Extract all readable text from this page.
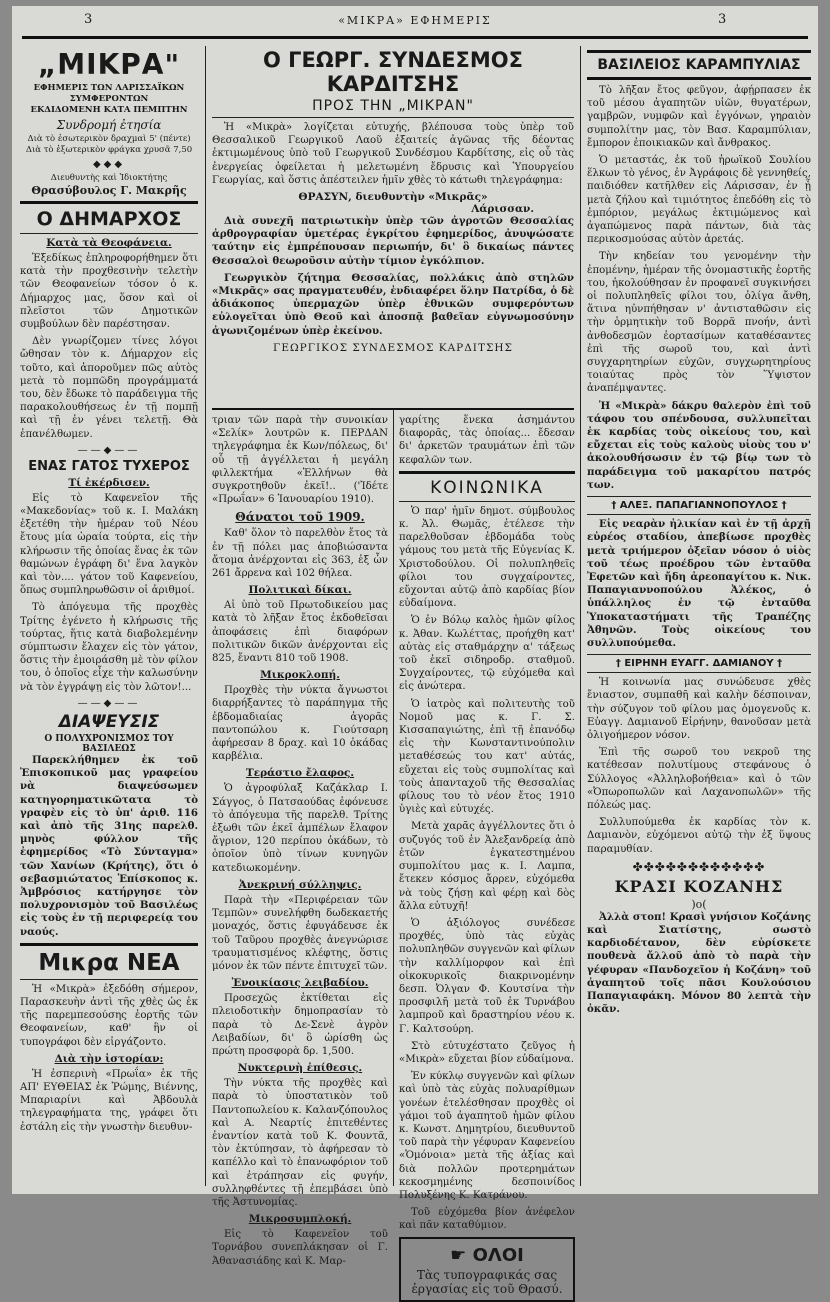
3	«ΜΙΚΡΑ» ΕΦΗΜΕΡΙΣ	3
„ΜΙΚΡΑ"
ΕΦΗΜΕΡΙΣ ΤΩΝ ΛΑΡΙΣΣΑΪΚΩΝ ΣΥΜΦΕΡΟΝΤΩΝ
ΕΚΔΙΔΟΜΕΝΗ ΚΑΤΑ ΠΕΜΠΤΗΝ
Συνδρομή ἐτησία
Διὰ τὸ ἐσωτερικὸν δραχμαὶ 5' (πέντε)
Διὰ τὸ ἐξωτερικὸν φράγκα χρυσᾶ 7,50
◆◆◆
Διευθυντὴς καὶ Ἰδιοκτήτης
Θρασύβουλος Γ. Μακρῆς
Ο ΔΗΜΑΡΧΟΣ
Κατὰ τὰ Θεοφάνεια.

Ἐξεδίκως ἐπληροφορήθημεν ὅτι κατὰ τὴν προχθεσινὴν τελετὴν τῶν Θεοφανείων τόσον ὁ κ. Δήμαρχος μας, ὅσον καὶ οἱ πλεῖστοι τῶν Δημοτικῶν συμβούλων δὲν παρέστησαν.

Δὲν γνωρίζομεν τίνες λόγοι ὤθησαν τὸν κ. Δήμαρχον εἰς τοῦτο, καὶ ἀποροῦμεν πῶς αὐτὸς μετὰ τὸ πομπῶδη προγράμματά του, δὲν ἔδωκε τὸ παράδειγμα τῆς παρακολουθήσεως ἐν τῇ πομπῇ καὶ τῇ ἐν γένει τελετῇ. Θὰ ἐπανέλθωμεν.

——◆——
ΕΝΑΣ ΓΑΤΟΣ ΤΥΧΕΡΟΣ
Τί ἐκέρδισεν.

Εἰς τὸ Καφενεῖον τῆς «Μακεδονίας» τοῦ κ. Ι. Μαλάκη ἐξετέθη τὴν ἡμέραν τοῦ Νέου ἔτους μία ὡραία τούρτα, εἰς τὴν κλήρωσιν τῆς ὁποίας ἕνας ἐκ τῶν θαμώνων ἐγράφη δι' ἕνα λαγκὸν καὶ τὸν.... γάτον τοῦ Καφενείου, ὅπως συμπληρωθῶσιν οἱ ἀριθμοί.

Τὸ ἀπόγευμα τῆς προχθὲς Τρίτης ἐγένετο ἡ κλήρωσις τῆς τούρτας, ἥτις κατὰ διαβολεμένην σύμπτωσιν ἔλαχεν εἰς τὸν γάτον, ὅστις τὴν ἐμοιράσθη μὲ τὸν φίλον του, ὁ ὁποῖος εἶχε τὴν καλωσύνην νὰ τὸν ἐγγράψῃ εἰς τὸν λῶτον!...

——◆——
ΔΙΑΨΕΥΣΙΣ
Ο ΠΟΛΥΧΡΟΝΙΣΜΟΣ ΤΟΥ ΒΑΣΙΛΕΩΣ

Παρεκλήθημεν ἐκ τοῦ Ἐπισκοπικοῦ μας γραφείου νὰ διαψεύσωμεν κατηγορηματικῶτατα τὸ γραφὲν εἰς τὸ ὑπ' ἀριθ. 116 καὶ ἀπὸ τῆς 31ης παρελθ. μηνὸς φύλλον τῆς ἐφημερίδος «Τὸ Σύνταγμα» τῶν Χανίων (Κρήτης), ὅτι ὁ σεβασμιώτατος Ἐπίσκοπος κ. Ἀμβρόσιος κατήργησε τὸν πολυχρονισμὸν τοῦ Βασιλέως εἰς τοὺς ἐν τῇ περιφερείᾳ του ναούς.

Μικρα ΝΕΑ

Ἡ «Μικρὰ» ἐξεδόθη σήμερον, Παρασκευὴν ἀντὶ τῆς χθὲς ὡς ἐκ τῆς παρεμπεσούσης ἑορτῆς τῶν Θεοφανείων, καθ' ἣν οἱ τυπογράφοι δὲν εἰργάζοντο.

Διὰ τὴν ἱστορίαν:

Ἡ ἐσπερινὴ «Πρωΐα» ἐκ τῆς ΑΠ' ΕΥΘΕΙΑΣ ἐκ Ῥώμης, Βιέννης, Μπαριαρίνι καὶ Ἀβδουλὰ τηλεγραφήματα της, γράφει ὅτι ἐστάλη εἰς τὴν γνωστὴν διευθυν-

Ο ΓΕΩΡΓ. ΣΥΝΔΕΣΜΟΣ ΚΑΡΔΙΤΣΗΣ
ΠΡΟΣ ΤΗΝ „ΜΙΚΡΑΝ"

Ἡ «Μικρὰ» λογίζεται εὐτυχής, βλέπουσα τοὺς ὑπὲρ τοῦ Θεσσαλικοῦ Γεωργικοῦ Λαοῦ ἐξαιτείς ἀγῶνας τῆς δέοντας ἐκτιμωμένους ὑπὸ τοῦ Γεωργικοῦ Συνδέσμου Καρδίτσης, εἰς οὗ τὰς ἐνεργείας ὀφείλεται ἡ μελετωμένη ἔδρυσις καὶ Ὑπουργείου Γεωργίας, καὶ ὅστις ἀπέστειλεν ἡμῖν χθὲς τὸ κάτωθι τηλεγράφημα:

ΘΡΑΣΥΝ, διευθυντὴν «Μικρᾶς»
Λάρισσαν.

Διὰ συνεχῆ πατριωτικὴν ὑπὲρ τῶν ἀγροτῶν Θεσσαλίας ἀρθρογραφίαν ὑμετέρας ἐγκρίτου ἐφημερίδος, ἀνυψώσατε ταύτην εἰς ἐμπρέπουσαν περιωπήν, δι' ὃ δικαίως πάντες Θεσσαλοὶ θεωροῦσιν αὐτὴν τίμιον ἐγκόλπιον.

Γεωργικὸν ζήτημα Θεσσαλίας, πολλάκις ἀπὸ στηλῶν «Μικρᾶς» σας πραγματευθέν, ἐνδιαφέρει ὅλην Πατρίδα, ὁ δὲ ἀδιάκοπος ὑπερμαχῶν ὑπὲρ ἐθνικῶν συμφερόντων εὐλογεῖται ὑπὸ Θεοῦ καὶ ἀποσπᾷ βαθεῖαν εὐγνωμοσύνην ἀγωνιζομένων ὑπὲρ ἐκείνου.

ΓΕΩΡΓΙΚΟΣ ΣΥΝΔΕΣΜΟΣ ΚΑΡΔΙΤΣΗΣ

τριαν τῶν παρὰ τὴν συνοικίαν «Σελίκ» λουτρῶν κ. ΠΕΡΔΑΝ τηλεγράφημα ἐκ Κων/πόλεως, δι' οὗ τῇ ἀγγέλλεται ἡ μεγάλη φιλλεκτήμα «Ἑλλήνων θὰ συγκροτηθοῦν ἐκεῖ!.. ('Ἰδέτε «Πρωΐαν» 6 Ἰανουαρίου 1910).

Θάνατοι τοῦ 1909.

Καθ' ὅλον τὸ παρελθὸν ἔτος τὰ ἐν τῇ πόλει μας ἀποβιώσαντα ἄτομα ἀνέρχονται εἰς 363, ἐξ ὧν 261 ἄρρενα καὶ 102 θήλεα.

Πολιτικαὶ δίκαι.

Αἱ ὑπὸ τοῦ Πρωτοδικείου μας κατὰ τὸ λῆξαν ἔτος ἐκδοθεῖσαι ἀποφάσεις ἐπὶ διαφόρων πολιτικῶν δικῶν ἀνέρχονται εἰς 825, ἔναντι 810 τοῦ 1908.

Μικροκλοπή.

Προχθὲς τὴν νύκτα ἄγνωστοι διαρρήξαντες τὸ παράπηγμα τῆς ἐβδομαδιαίας ἀγορᾶς παντοπώλου κ. Γιούτσαρη ἀφήρεσαν 8 δραχ. καὶ 10 ὀκάδας καρβέλια.

Τεράστιο ἔλαφος.

Ὁ ἀγροφύλαξ Καζάκλαρ Ι. Σάγγος, ὁ Πατσαούδας ἐφόνευσε τὸ ἀπόγευμα τῆς παρελθ. Τρίτης ἐξωθι τῶν ἐκεῖ ἀμπέλων ἔλαφον ἄγριον, 120 περίπου ὀκάδων, τὸ ὁποῖον ὑπὸ τίνων κυνηγῶν κατεδιωκομένην.

Ἀνεκρινή σύλληψις.

Παρὰ τὴν «Περιφέρειαν τῶν Τεμπῶν» συνελήφθη δωδεκαετής μοναχός, ὅστις ἐφυγάδευσε ἐκ τοῦ Ταῦρου προχθὲς ἀνεγνώρισε τραυματισμένος κλέφτης, ὅστις μόνον ἐκ τῶν πέντε ἐπιτυχεῖ τῶν.

Ἐνοικίασις λειβαδίου.

Προσεχῶς ἐκτίθεται εἰς πλειοδοτικὴν δημοπρασίαν τὸ παρὰ τὸ Δε-Σενὲ ἀγρὸν Λειβαδίων, δι' ὃ ὡρίσθη ὡς πρώτη προσφορὰ δρ. 1,500.

Νυκτερινὴ ἐπίθεσις.

Τὴν νύκτα τῆς προχθὲς καὶ παρὰ τὸ ὑποστατικὸν τοῦ Παντοπωλείου κ. Καλανζόπουλος καὶ Α. Νεαρτίς ἐπιτεθέντες ἐναντίον κατὰ τοῦ Κ. Φουντᾶ, τὸν ἐκτύπησαν, τὸ ἀφήρεσαν τὸ καπέλλο καὶ τὸ ἐπανωφόριον τοῦ καὶ ἐτράπησαν εἰς φυγήν, συλληφθέντες τῇ ἐπεμβάσει ὑπὸ τῆς Ἀστυνομίας.

Μικροσυμπλοκή.

Εἰς τὸ Καφενεῖον τοῦ Τορνάβου συνεπλάκησαν οἱ Γ. Ἀθανασιάδης καὶ Κ. Μαρ-

γαρίτης ἕνεκα ἀσημάντου διαφορᾶς, τὰς ὁποίας... ἔδεσαν δι' ἀρκετῶν τραυμάτων ἐπὶ τῶν κεφαλῶν των.

ΚΟΙΝΩΝΙΚΑ

Ὁ παρ' ἡμῖν δημοτ. σύμβουλος κ. Ἀλ. Θωμᾶς, ἐτέλεσε τὴν παρελθοῦσαν ἑβδομάδα τοὺς γάμους του μετὰ τῆς Εὐγενίας Κ. Χριστοδούλου. Οἱ πολυπληθεῖς φίλοι του συγχαίροντες, εὔχονται αὐτῷ ἀπὸ καρδίας βίον εὐδαίμονα.

Ὁ ἐν Βόλῳ καλὸς ἡμῶν φίλος κ. Ἀθαν. Κωλέττας, προήχθη κατ' αὐτὰς εἰς σταθμάρχην α' τάξεως τοῦ ἐκεῖ σιδηροδρ. σταθμοῦ. Συγχαίροντες, τῷ εὐχόμεθα καὶ εἰς ἀνώτερα.

Ὁ ἰατρὸς καὶ πολιτευτὴς τοῦ Νομοῦ μας κ. Γ. Σ. Κισσαπαγιώτης, ἐπὶ τῇ ἐπανόδῳ εἰς τὴν Κωνσταντινούπολιν μεταθέσεώς του κατ' αὐτάς, εὔχεται εἰς τοὺς συμπολίτας καὶ τοὺς ἀπανταχοῦ τῆς Θεσσαλίας φίλους του τὸ νέον ἔτος 1910 ὑγιὲς καὶ εὐτυχές.

Μετὰ χαρᾶς ἀγγέλλοντες ὅτι ὁ συζυγός τοῦ ἐν Ἀλεξανδρείᾳ ἀπὸ ἐτῶν ἐγκατεστημένου συμπολίτου μας κ. Ι. Λαμπα, ἔτεκεν κόσμος ἄρρεν, εὐχόμεθα νὰ τοὺς ζήσῃ καὶ φέρῃ καὶ δὸς ἄλλα εὐτυχῆ!

Ὁ ἀξιόλογος συνέδεσε προχθές, ὑπὸ τὰς εὐχὰς πολυπληθῶν συγγενῶν καὶ φίλων τὴν καλλίμορφον καὶ ἐπὶ οἰκοκυρικοῖς διακρινομένην δεσπ. Ὀλγαν Φ. Κουτσίνα τὴν προσφιλῆ μετὰ τοῦ ἐκ Τυρνάβου λαμπροῦ καὶ δραστηρίου νέου κ. Γ. Καλτσούρη.

Στὸ εὐτυχέστατο ζεῦγος ἡ «Μικρὰ» εὔχεται βίον εὐδαίμονα.

Ἐν κύκλῳ συγγενῶν καὶ φίλων καὶ ὑπὸ τὰς εὐχὰς πολυαρίθμων γονέων ἐτελέσθησαν προχθὲς οἱ γάμοι τοῦ ἀγαπητοῦ ἡμῶν φίλου κ. Κωνστ. Δημητρίου, διευθυντοῦ τοῦ παρὰ τὴν γέφυραν Καφενείου «Ὁμόνοια» μετὰ τῆς ἀξίας καὶ διὰ πολλῶν προτερημάτων κεκοσμημένης δεσποινίδος Πολυξένης Κ. Κατράνου.

Τοῦ εὐχόμεθα βίον ἀνέφελον καὶ πᾶν καταθύμιον.

☛ ΟΛΟΙ
Τὰς τυπογραφικάς σας ἐργασίας εἰς τοῦ Θρασύ.
ΒΑΣΙΛΕΙΟΣ ΚΑΡΑΜΠΥΛΙΑΣ

Τὸ λῆξαν ἔτος φεῦγον, ἀφῄρπασεν ἐκ τοῦ μέσου ἀγαπητῶν υἱῶν, θυγατέρων, γαμβρῶν, νυμφῶν καὶ ἐγγόνων, γηραιὸν συμπολίτην μας, τὸν Βασ. Καραμπύλιαν, ἔμπορον ἐποικιακῶν καὶ ἄνθρακος.

Ὁ μεταστάς, ἐκ τοῦ ἡρωϊκοῦ Σουλίου ἕλκων τὸ γένος, ἐν Ἀγράφοις δὲ γεννηθείς, παιδιόθεν κατῆλθεν εἰς Λάρισσαν, ἐν ᾗ μετὰ ζήλου καὶ τιμιότητος ἐπεδόθη εἰς τὸ ἐμπόριον, μεγάλως ἐκτιμώμενος καὶ ἀγαπώμενος παρὰ πάντων, διὰ τὰς περικοσμούσας αὐτὸν ἀρετάς.

Τὴν κηδείαν του γενομένην τὴν ἐπομένην, ἡμέραν τῆς ὀνομαστικῆς ἑορτῆς του, ἠκολούθησαν ἐν προφανεῖ συγκινήσει οἱ πολυπληθεῖς φίλοι του, ὀλίγα ἄνθη, ἅτινα ηὐνπήθησαν ν' ἀντισταθῶσιν εἰς τὴν ὁρμητικὴν τοῦ Βορρᾶ πνοήν, ἀντὶ ἀνθοδεσμῶν ἐορτασίμων καταθέσαντες ἐπὶ τῆς σωροῦ του, καὶ ἀντὶ συγχαρητηρίων εὐχῶν, συγχωρητηρίους τοιαύτας πρὸς τὸν Ὕψιστον ἀναπέμψαντες.

Ἡ «Μικρὰ» δάκρυ θαλερὸν ἐπὶ τοῦ τάφου του σπένδουσα, συλλυπεῖται ἐκ καρδίας τοὺς οἰκείους του, καὶ εὔχεται εἰς τοὺς καλοὺς υἱοὺς του ν' ἀκολουθήσωσιν ἐν τῷ βίῳ των τὸ παράδειγμα τοῦ μακαρίτου πατρός των.

† ΑΛΕΞ. ΠΑΠΑΓΙΑΝΝΟΠΟΥΛΟΣ †

Εἰς νεαρὰν ἡλικίαν καὶ ἐν τῇ ἀρχῇ εὐρέος σταδίου, ἀπεβίωσε προχθὲς μετὰ τριήμερον ὀξεῖαν νόσον ὁ υἱὸς τοῦ τέως προέδρου τῶν ἐνταῦθα Ἐφετῶν καὶ ἤδη ἀρεοπαγίτου κ. Νικ. Παπαγιαννοπούλου Ἀλέκος, ὁ ὑπάλληλος ἐν τῷ ἐνταῦθα Ὑποκαταστήματι τῆς Τραπέζης Ἀθηνῶν. Τοὺς οἰκείους του συλλυπούμεθα.

† ΕΙΡΗΝΗ ΕΥΑΓΓ. ΔΑΜΙΑΝΟΥ †

Ἡ κοινωνία μας συνώδευσε χθὲς ἔνιαστον, συμπαθῆ καὶ καλὴν δέσποιναν, τὴν σύζυγον τοῦ φίλου μας ὁμογενοῦς κ. Εὐαγγ. Δαμιανοῦ Εἰρήνην, θανοῦσαν μετὰ ὀλιγοήμερον νόσον.

Ἐπὶ τῆς σωροῦ του νεκροῦ της κατέθεσαν πολυτίμους στεφάνους ὁ Σύλλογος «Ἀλληλοβοήθεια» καὶ ὁ τῶν «Ὀπωροπωλῶν καὶ Λαχανοπωλῶν» τῆς πόλεώς μας.

Συλλυπούμεθα ἐκ καρδίας τὸν κ. Δαμιανὸν, εὐχόμενοι αὐτῷ τὴν ἐξ ὕψους παραμυθίαν.

✤✤✤✤✤✤✤✤✤✤✤✤
ΚΡΑΣΙ ΚΟΖΑΝΗΣ
)o(

Ἀλλὰ στοπ! Κρασὶ γνήσιον Κοζάνης καὶ Σιατίστης, σωστὸ καρδιοδέτανον, δὲν εὑρίσκετε πουθενὰ ἄλλοῦ ἀπὸ τὸ παρὰ τὴν γέφυραν «Πανδοχεῖον ἡ Κοζάνη» τοῦ ἀγαπητοῦ τοῖς πᾶσι Κουλούσιου Παπαγιαφάκη. Μόνον 80 λεπτὰ τὴν ὀκᾶν.
